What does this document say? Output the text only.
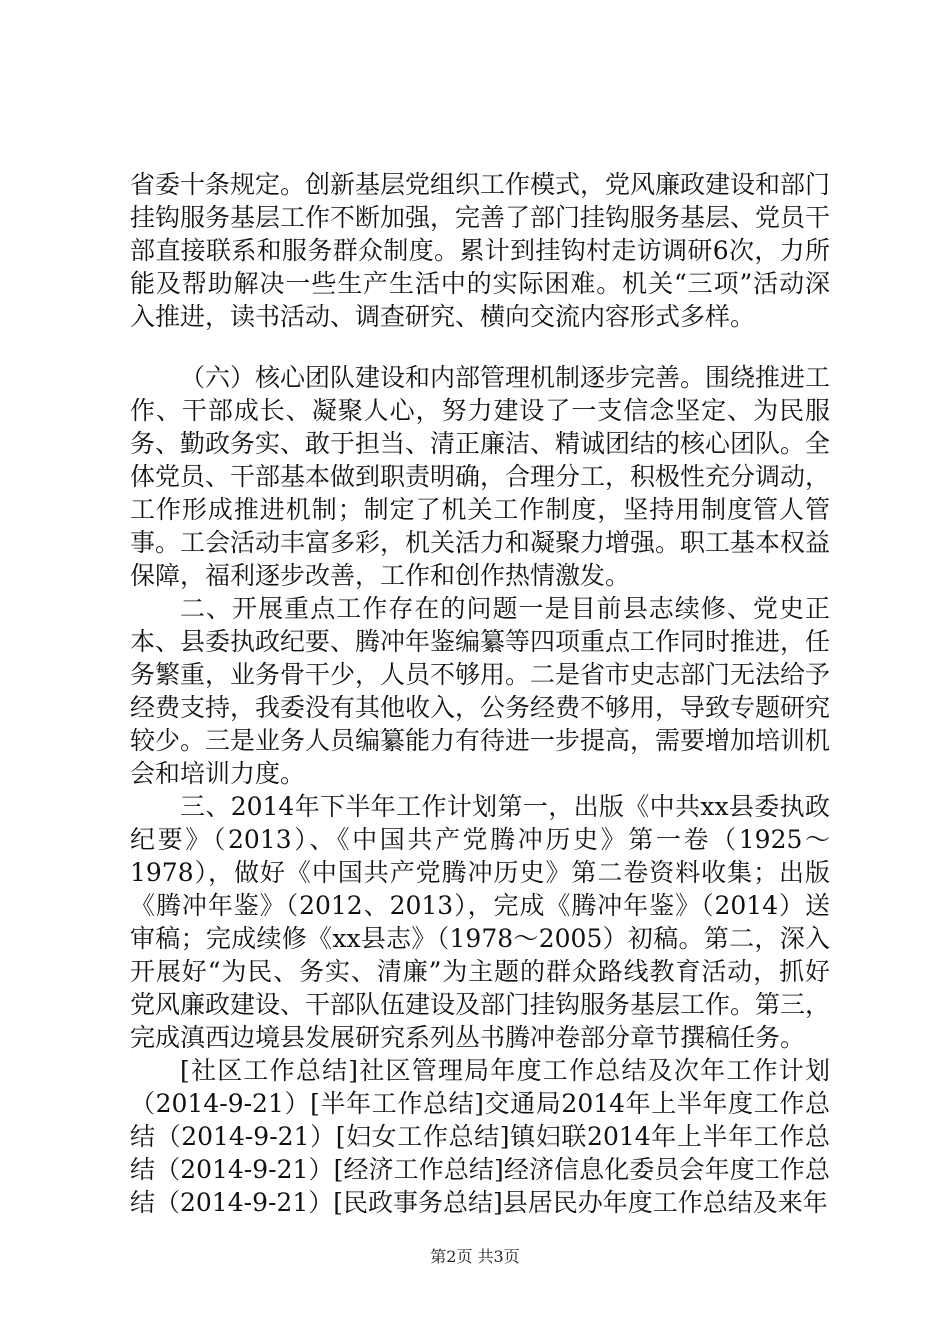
省委十条规定。创新基层党组织工作模式，党风廉政建设和部门挂钩服务基层工作不断加强，完善了部门挂钩服务基层、党员干部直接联系和服务群众制度。累计到挂钩村走访调研6次，力所能及帮助解决一些生产生活中的实际困难。机关“三项”活动深入推进，读书活动、调查研究、横向交流内容形式多样。

（六）核心团队建设和内部管理机制逐步完善。围绕推进工作、干部成长、凝聚人心，努力建设了一支信念坚定、为民服务、勤政务实、敢于担当、清正廉洁、精诚团结的核心团队。全体党员、干部基本做到职责明确，合理分工，积极性充分调动，工作形成推进机制；制定了机关工作制度，坚持用制度管人管事。工会活动丰富多彩，机关活力和凝聚力增强。职工基本权益保障，福利逐步改善，工作和创作热情激发。

二、开展重点工作存在的问题一是目前县志续修、党史正本、县委执政纪要、腾冲年鉴编纂等四项重点工作同时推进，任务繁重，业务骨干少，人员不够用。二是省市史志部门无法给予经费支持，我委没有其他收入，公务经费不够用，导致专题研究较少。三是业务人员编纂能力有待进一步提高，需要增加培训机会和培训力度。

三、2014年下半年工作计划第一，出版《中共xx县委执政纪要》（2013）、《中国共产党腾冲历史》第一卷（1925～1978），做好《中国共产党腾冲历史》第二卷资料收集；出版《腾冲年鉴》（2012、2013），完成《腾冲年鉴》（2014）送审稿；完成续修《xx县志》（1978～2005）初稿。第二，深入开展好“为民、务实、清廉”为主题的群众路线教育活动，抓好党风廉政建设、干部队伍建设及部门挂钩服务基层工作。第三，完成滇西边境县发展研究系列丛书腾冲卷部分章节撰稿任务。

[社区工作总结]社区管理局年度工作总结及次年工作计划（2014-9-21）[半年工作总结]交通局2014年上半年度工作总结（2014-9-21）[妇女工作总结]镇妇联2014年上半年工作总结（2014-9-21）[经济工作总结]经济信息化委员会年度工作总结（2014-9-21）[民政事务总结]县居民办年度工作总结及来年

第2页 共3页
